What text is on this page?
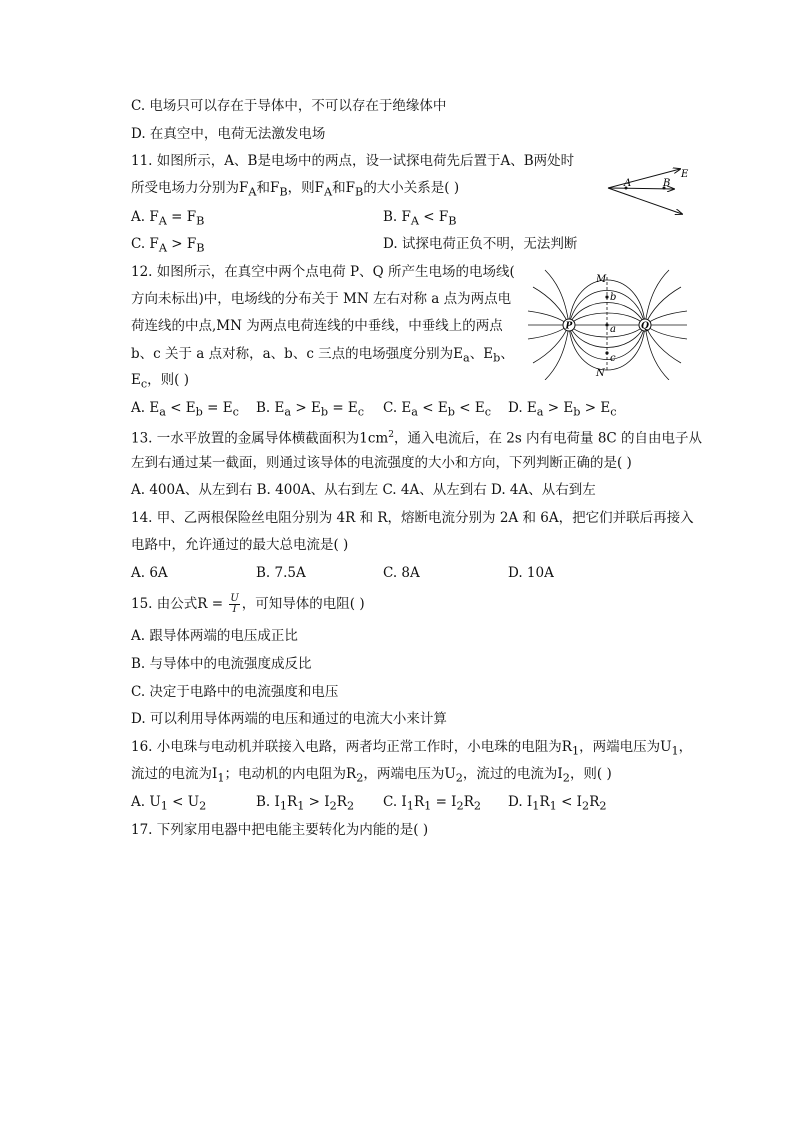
C. 电场只可以存在于导体中，不可以存在于绝缘体中
D. 在真空中，电荷无法激发电场
11. 如图所示，A、B是电场中的两点，设一试探电荷先后置于A、B两处时
所受电场力分别为$F_A$和$F_B$，则$F_A$和$F_B$的大小关系是( )
A. $F_A = F_B$	B. $F_A < F_B$
C. $F_A > F_B$	D. 试探电荷正负不明，无法判断
A	B
E
12. 如图所示，在真空中两个点电荷 P、Q 所产生电场的电场线(
方向未标出)中，电场线的分布关于 MN 左右对称 a 点为两点电
荷连线的中点,MN 为两点电荷连线的中垂线，中垂线上的两点
b、c 关于 a 点对称，a、b、c 三点的电场强度分别为$E_a$、$E_b$、
$E_c$，则( )
A. $E_a < E_b = E_c$ B. $E_a > E_b = E_c$ C. $E_a < E_b < E_c$ D. $E_a > E_b > E_c$
P	Q
M
N
a
b
c
13. 一水平放置的金属导体横截面积为$1cm^2$，通入电流后，在 2s 内有电荷量 8C 的自由电子从
左到右通过某一截面，则通过该导体的电流强度的大小和方向，下列判断正确的是( )
A. 400A、从左到右 B. 400A、从右到左 C. 4A、从左到右 D. 4A、从右到左
14. 甲、乙两根保险丝电阻分别为 4R 和 R，熔断电流分别为 2A 和 6A，把它们并联后再接入
电路中，允许通过的最大总电流是( )
A. 6A	B. 7.5A	C. 8A	D. 10A
15. 由公式$R = \frac{U}{I}$ ，可知导体的电阻( )
A. 跟导体两端的电压成正比
B. 与导体中的电流强度成反比
C. 决定于电路中的电流强度和电压
D. 可以利用导体两端的电压和通过的电流大小来计算
16. 小电珠与电动机并联接入电路，两者均正常工作时，小电珠的电阻为$R_1$，两端电压为$U_1$，
流过的电流为$I_1$；电动机的内电阻为$R_2$，两端电压为$U_2$，流过的电流为$I_2$，则( )
A. $U_1 < U_2$	B. $I_1R_1 > I_2R_2$ C. $I_1R_1 = I_2R_2$ D. $I_1R_1 < I_2R_2$
17. 下列家用电器中把电能主要转化为内能的是( )
